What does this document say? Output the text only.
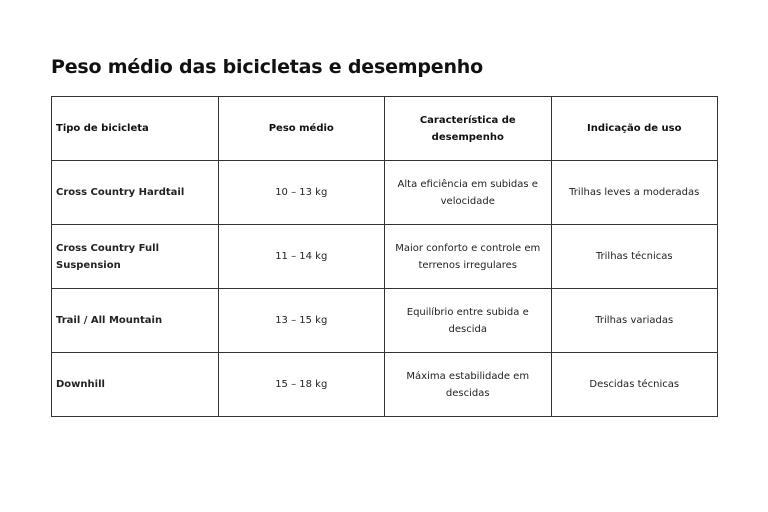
Peso médio das bicicletas e desempenho
Tipo de bicicleta	Peso médio	Característica de desempenho	Indicação de uso
Cross Country Hardtail	10 – 13 kg	Alta eficiência em subidas e velocidade	Trilhas leves a moderadas
Cross Country Full Suspension	11 – 14 kg	Maior conforto e controle em terrenos irregulares	Trilhas técnicas
Trail / All Mountain	13 – 15 kg	Equilíbrio entre subida e descida	Trilhas variadas
Downhill	15 – 18 kg	Máxima estabilidade em descidas	Descidas técnicas
